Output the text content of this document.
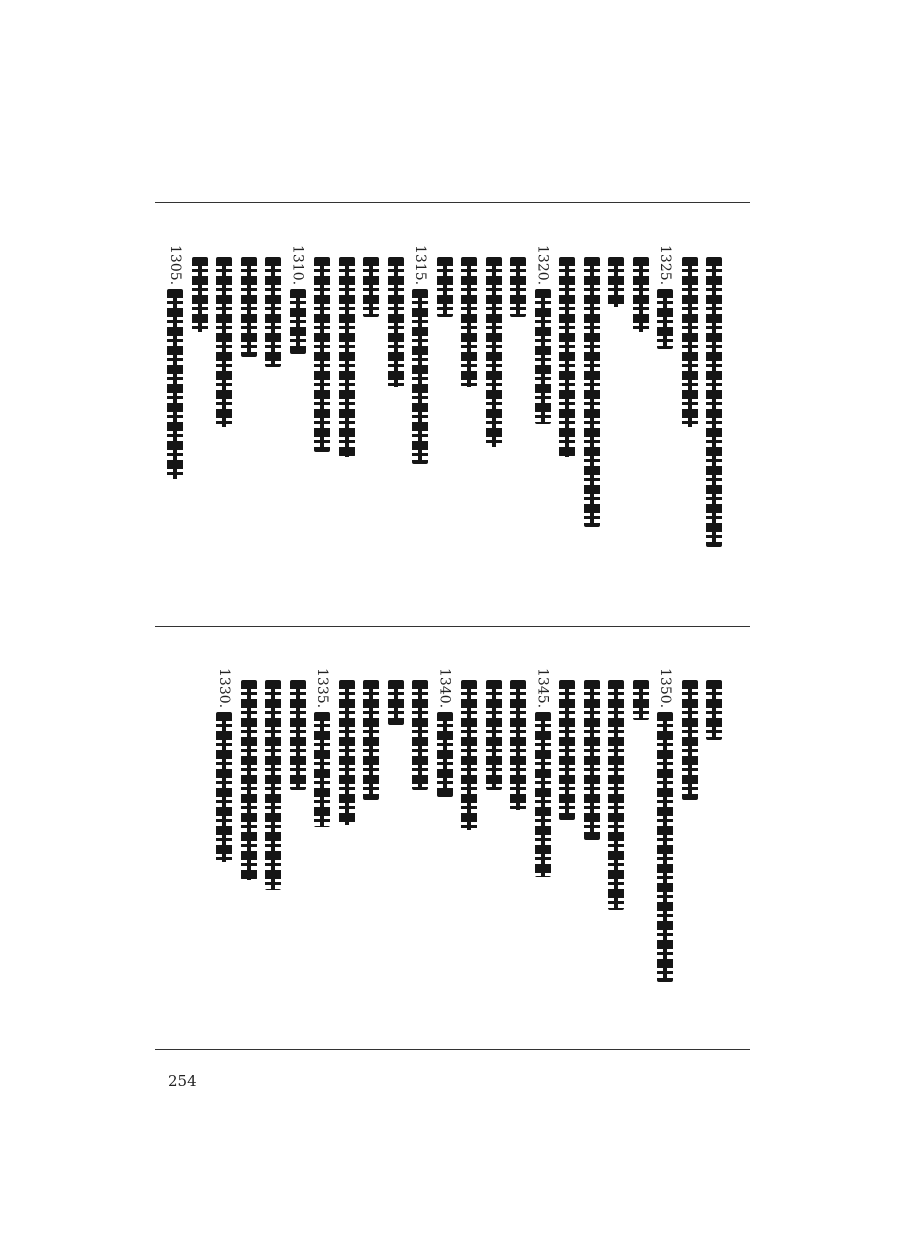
1325.
1320.
1315.
1310.
1305.
1350.
1345.
1340.
1335.
1330.
254
